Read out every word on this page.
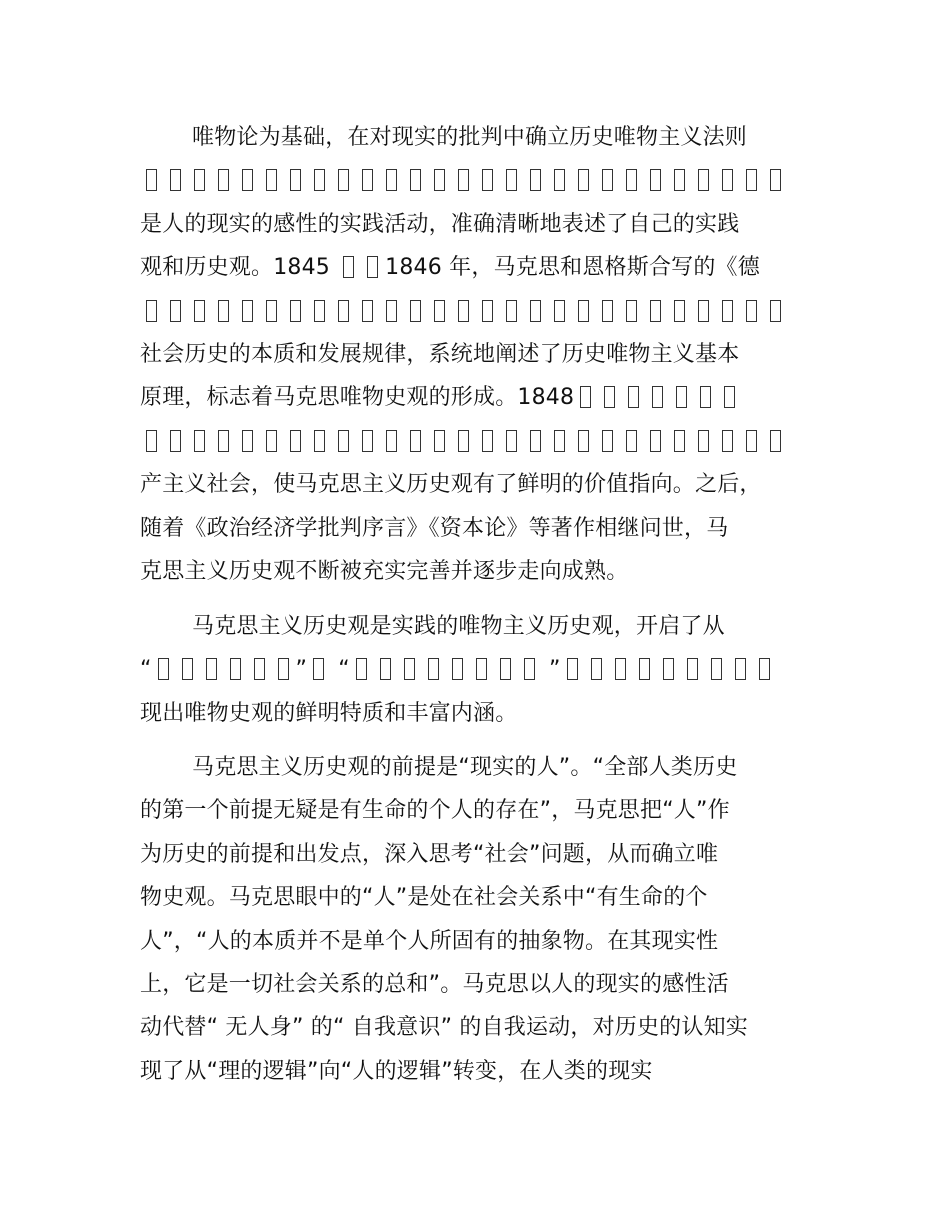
唯物论为基础，在对现实的批判中确立历史唯物主义法则
是人的现实的感性的实践活动，准确清晰地表述了自己的实践
观和历史观。1845 1846 年，马克思和恩格斯合写的《德
社会历史的本质和发展规律，系统地阐述了历史唯物主义基本
原理，标志着马克思唯物史观的形成。1848
产主义社会，使马克思主义历史观有了鲜明的价值指向。之后，
随着《政治经济学批判序言》《资本论》等著作相继问世，马
克思主义历史观不断被充实完善并逐步走向成熟。
马克思主义历史观是实践的唯物主义历史观，开启了从
“	” “	”
现出唯物史观的鲜明特质和丰富内涵。
马克思主义历史观的前提是“现实的人”。“全部人类历史
的第一个前提无疑是有生命的个人的存在”，马克思把“人”作
为历史的前提和出发点，深入思考“社会”问题，从而确立唯
物史观。马克思眼中的“人”是处在社会关系中“有生命的个
人”，“人的本质并不是单个人所固有的抽象物。在其现实性
上，它是一切社会关系的总和”。马克思以人的现实的感性活
动代替“ 无人身” 的“ 自我意识” 的自我运动，对历史的认知实
现了从“理的逻辑”向“人的逻辑”转变，在人类的现实
